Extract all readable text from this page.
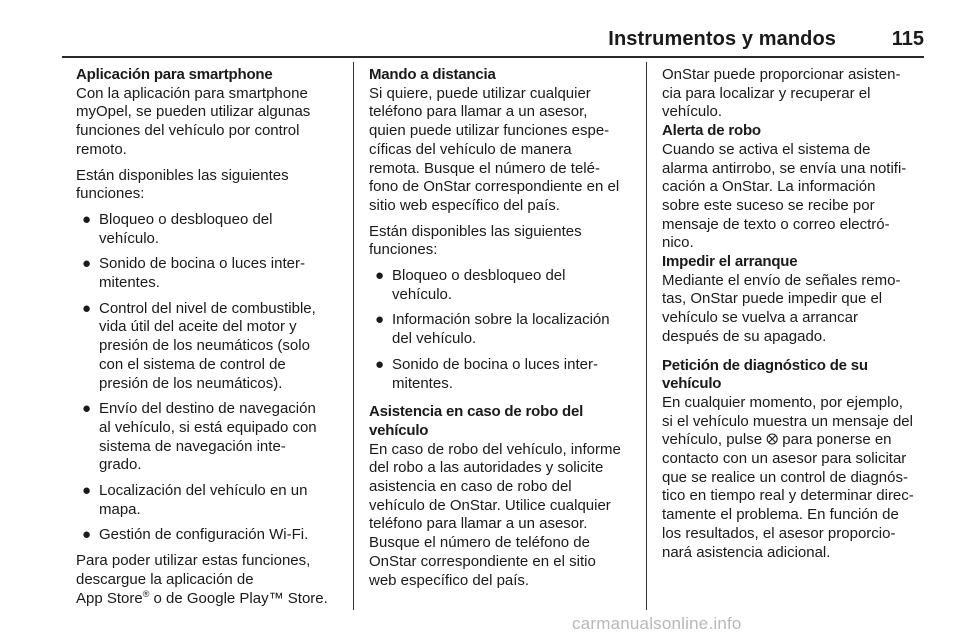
Instrumentos y mandos	115
Aplicación para smartphone
Con la aplicación para smartphone
myOpel, se pueden utilizar algunas
funciones del vehículo por control
remoto.
Están disponibles las siguientes
funciones:
● Bloqueo o desbloqueo del
vehículo.
● Sonido de bocina o luces inter-
mitentes.
● Control del nivel de combustible,
vida útil del aceite del motor y
presión de los neumáticos (solo
con el sistema de control de
presión de los neumáticos).
● Envío del destino de navegación
al vehículo, si está equipado con
sistema de navegación inte-
grado.
● Localización del vehículo en un
mapa.
● Gestión de configuración Wi-Fi.
Para poder utilizar estas funciones,
descargue la aplicación de
App Store® o de Google Play™ Store.
Mando a distancia
Si quiere, puede utilizar cualquier
teléfono para llamar a un asesor,
quien puede utilizar funciones espe-
cíficas del vehículo de manera
remota. Busque el número de telé-
fono de OnStar correspondiente en el
sitio web específico del país.
Están disponibles las siguientes
funciones:
● Bloqueo o desbloqueo del
vehículo.
● Información sobre la localización
del vehículo.
● Sonido de bocina o luces inter-
mitentes.
Asistencia en caso de robo del
vehículo
En caso de robo del vehículo, informe
del robo a las autoridades y solicite
asistencia en caso de robo del
vehículo de OnStar. Utilice cualquier
teléfono para llamar a un asesor.
Busque el número de teléfono de
OnStar correspondiente en el sitio
web específico del país.
OnStar puede proporcionar asisten-
cia para localizar y recuperar el
vehículo.
Alerta de robo
Cuando se activa el sistema de
alarma antirrobo, se envía una notifi-
cación a OnStar. La información
sobre este suceso se recibe por
mensaje de texto o correo electró-
nico.
Impedir el arranque
Mediante el envío de señales remo-
tas, OnStar puede impedir que el
vehículo se vuelva a arrancar
después de su apagado.
Petición de diagnóstico de su
vehículo
En cualquier momento, por ejemplo,
si el vehículo muestra un mensaje del
vehículo, pulse ⭙ para ponerse en
contacto con un asesor para solicitar
que se realice un control de diagnós-
tico en tiempo real y determinar direc-
tamente el problema. En función de
los resultados, el asesor proporcio-
nará asistencia adicional.
carmanualsonline.info
